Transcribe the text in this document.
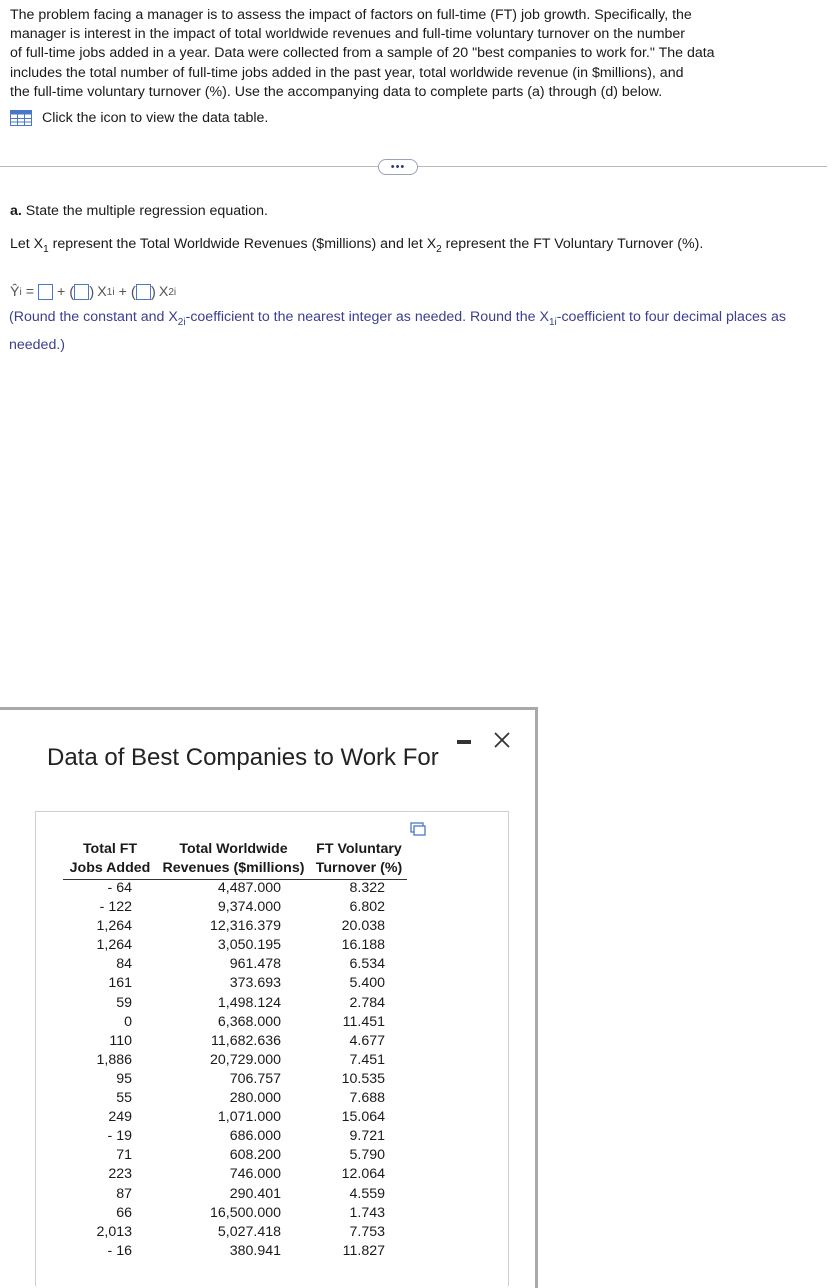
The problem facing a manager is to assess the impact of factors on full-time (FT) job growth. Specifically, the
manager is interest in the impact of total worldwide revenues and full-time voluntary turnover on the number
of full-time jobs added in a year. Data were collected from a sample of 20 "best companies to work for." The data
includes the total number of full-time jobs added in the past year, total worldwide revenue (in $millions), and
the full-time voluntary turnover (%). Use the accompanying data to complete parts (a) through (d) below.

Click the icon to view the data table.
•••
a. State the multiple regression equation.
Let $X_1$ represent the Total Worldwide Revenues ($millions) and let $X_2$ represent the FT Voluntary Turnover (%).
Ŷ i = + ( ) X 1i + ( ) X 2i
(Round the constant and $X_{2i}$-coefficient to the nearest integer as needed. Round the $X_{1i}$-coefficient to four decimal places as needed.)
Data of Best Companies to Work For
Total FT
Jobs Added
Total Worldwide
Revenues ($millions)
FT Voluntary
Turnover (%)
- 64
- 122
1,264
1,264
84
161
59
0
110
1,886
95
55
249
- 19
71
223
87
66
2,013
- 16
4,487.000
9,374.000
12,316.379
3,050.195
961.478
373.693
1,498.124
6,368.000
11,682.636
20,729.000
706.757
280.000
1,071.000
686.000
608.200
746.000
290.401
16,500.000
5,027.418
380.941
8.322
6.802
20.038
16.188
6.534
5.400
2.784
11.451
4.677
7.451
10.535
7.688
15.064
9.721
5.790
12.064
4.559
1.743
7.753
11.827
